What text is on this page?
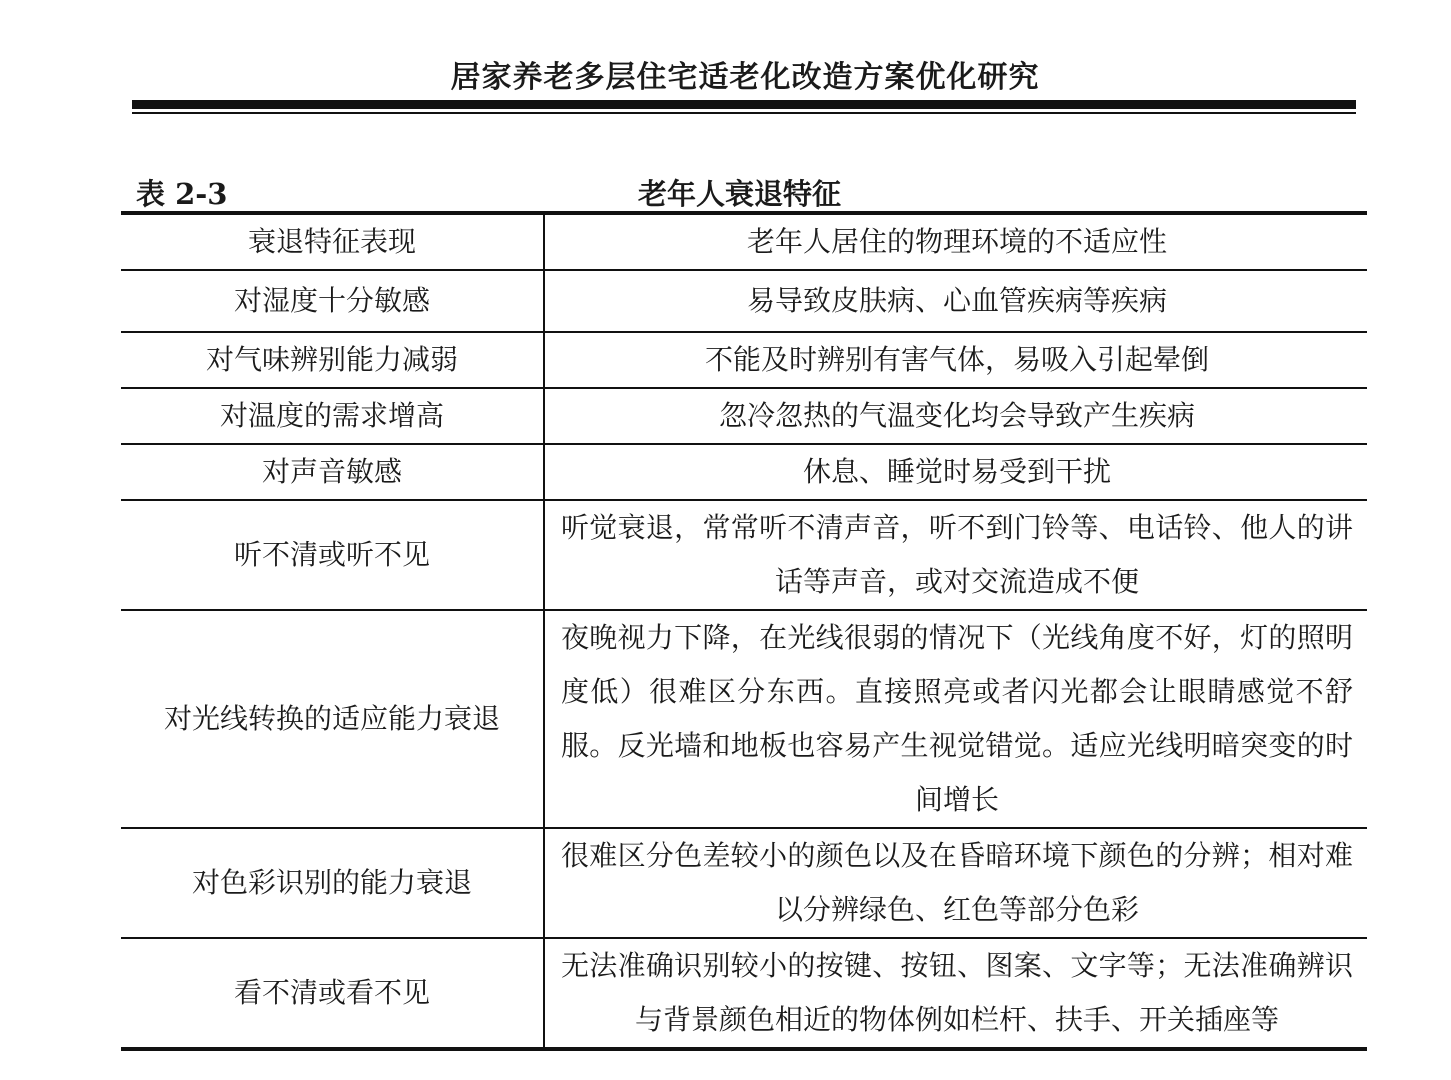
居家养老多层住宅适老化改造方案优化研究
表 2-3	老年人衰退特征
衰退特征表现	老年人居住的物理环境的不适应性
对湿度十分敏感	易导致皮肤病、心血管疾病等疾病
对气味辨别能力减弱	不能及时辨别有害气体，易吸入引起晕倒
对温度的需求增高	忽冷忽热的气温变化均会导致产生疾病
对声音敏感	休息、睡觉时易受到干扰
听不清或听不见	听觉衰退，常常听不清声音，听不到门铃等、电话铃、他人的讲话等声音，或对交流造成不便
对光线转换的适应能力衰退	夜晚视力下降，在光线很弱的情况下（光线角度不好，灯的照明度低）很难区分东西。直接照亮或者闪光都会让眼睛感觉不舒服。反光墙和地板也容易产生视觉错觉。适应光线明暗突变的时间增长
对色彩识别的能力衰退	很难区分色差较小的颜色以及在昏暗环境下颜色的分辨；相对难以分辨绿色、红色等部分色彩
看不清或看不见	无法准确识别较小的按键、按钮、图案、文字等；无法准确辨识与背景颜色相近的物体例如栏杆、扶手、开关插座等
